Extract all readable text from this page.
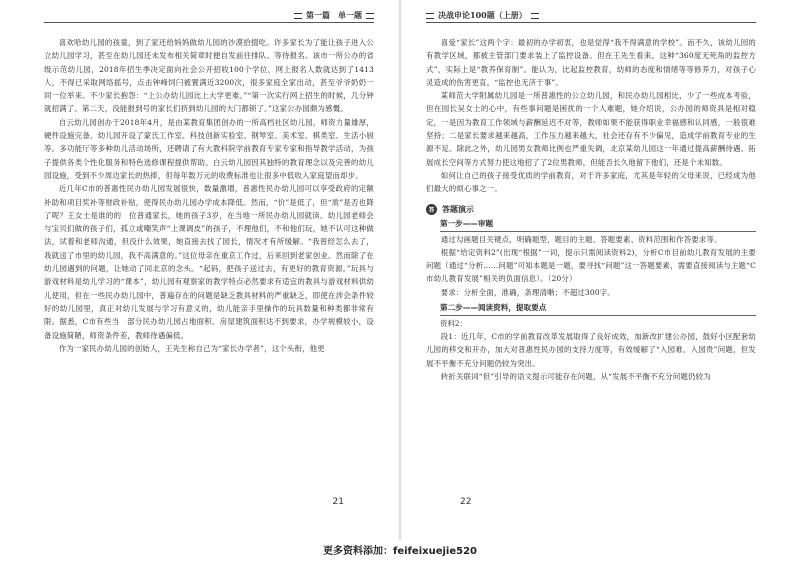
第一篇　单一题

喜欢哈幼儿园的孩童，到了家还给妈妈做幼儿园的沙漠拾掇吃。许多家长为了能让孩子进入公立幼儿园学习，甚至在幼儿园还未发布相关简章时便自发前往排队、等待报名。该市一所公办的省级示范幼儿园，2018年招生季决定面向社会公开招收100个学位，网上报名人数就达到了1413人，不得已采取网络摇号，点击钟峰饲闩被置满近3200次，很多家庭全家出动，甚至爷爷奶奶一同一位举来。不少家长抱怨：“上公办幼儿园比上大学更难。”“第一次实行网上招生的时候，几分钟就招满了。第二天，没能报到号的家长们挤到幼儿园的大门都锁了。”这家公办园颇为感慨。

自云幼儿园创办于2018年4月，是由某教育集团创办的一所高档社区幼儿园，师资力量雄厚，硬件设施完备。幼儿园开设了蒙氏工作室、科技创新实验室、钢琴室、美术室、棋类室、生活小厨等。多功能厅等多种幼儿活动场所，还聘请了有大教科院学前教育专家专家和指导教学活动，为孩子提供各类个性化服务和特色选修课程提供帮助。白云幼儿园因其独特的教育理念以及完善的幼儿园设施，受到不少周边家长的热捧，但每年数万元的收费标准也让很多中低收入家庭望而却步。

近几年C市的普惠性民办幼儿园发展很快，数量激增，普惠性民办幼儿园可以享受政府的定额补助和项目奖补等财政补贴，使得民办幼儿园办学成本降低。然而，“价”是低了，但“质”是否也降了呢？王女士是谁的的　位普通家长，她的孩子3岁，在当地一所民办幼儿园就读。幼儿园老师会与宝贝们做的孩子们，孤立或嘲笑声“上课调皮”的孩子，不理他们，不和他们玩，她不认可这种做法，试着和老师沟通，但没什么效果，她直接去找了园长，情况才有所缓解。“我曾经怎么去了，我就送了市里的幼儿园，我不高满意的。”这位母亲在重京工作过，后来回到老家创业。然而除了在幼儿园遇到的问题，让她动了同北京的念头。“起码，把孩子送过去，有更好的教育资源。”玩具与游戏材料是幼儿学习的“课本”，幼儿园有观察家的教学特点必然要求有适宜的教具与游戏材料供幼儿使用，但在一些民办幼儿园中，普遍存在的问题是缺乏教具材料的严重缺乏，即使在涉会条件较好的幼儿园里，真正对幼儿发展与学习有意义的，幼儿能亲手里操作的玩具数量和种类都非常有限。据悉，C市有些当　部分民办幼儿园占地面积、房屋建筑面积达不到要求，办学规模较小，设备设施简陋，师资条件差，教师待遇偏低。

作为一家民办幼儿园的创始人，王先生称自己为“家长办学者”，这个头衔，他更

21
决战申论100题（上册）

喜爱“家长”这两个字：最初的办学初衷，也是觉得“我不得满意的学校”。而不久，该幼儿园的有教学区域，都被主管部门要求装上了监控设备。但在王先生看来，这种“360度无死角的监控方式”，实际上是“教养保育制”。能认为，比起监控教育，幼师的态度和情绪等等修养力，对孩子心灵造成的伤害更直，“监控也无济于事”。

某师范大学附属幼儿园是一所普惠性的公立幼儿园，和民办幼儿园相比，少了一些成本考验，但在园长吴女士的心中，有些事问题是困扰的一个人难题，她介绍说，公办园的师资具是相对稳定，一是因为教育工作领域与薪酬延迟不对等，教师如果不能获得职业幸福感和认同感，一般很难坚持；二是家长要求越来越高，工作压力越来越大，社会还存有不少偏见，造成学前教育专业的生源不足。除此之外，幼儿园男女教师比例也严重失调，北京某幼儿园这一年通过提高薪酬待遇、拓展成长空间等方式努力使这地招了了2位男教师，但能否长久地留下他们，还是个未知数。

如何让自己的孩子接受优质的学前教育，对于许多家庭，尤其是年轻的父母来说，已经成为他们最大的烦心事之一。

答 答题演示
第一步——审题

通过勾画题目关键点，明确题型，题目的主题、答题要素、资料范围和作答要求等。

根据“给定资料2”(出现“根据”一词，提示只需阅读资料2)，分析C市目前幼儿教育发展的主要问题（通过“分析……问题”可知本题是一题，要寻找“问题”这一答题要素，需要直接阅读与主题“C市幼儿教育发展”相关的负面信息）。（20分）

要求：分析全面，准确，条理清晰；不超过300字。

第二步——阅读资料，提取要点
资料2：

段1：近几年，C市的学前教育改革发展取得了良好成效，加新改扩建公办园，鼓好小区配套幼儿园的移交和开办，加大对普惠性民办园的支持力度等，有效缓解了“入园难、入园贵”问题，但发展不平衡不充分问题仍较为突出。

转折关联词“但”引导的语文提示可能存在问题，从“发展不平衡不充分问题仍较为

22
更多资料添加：feifeixuejie520
